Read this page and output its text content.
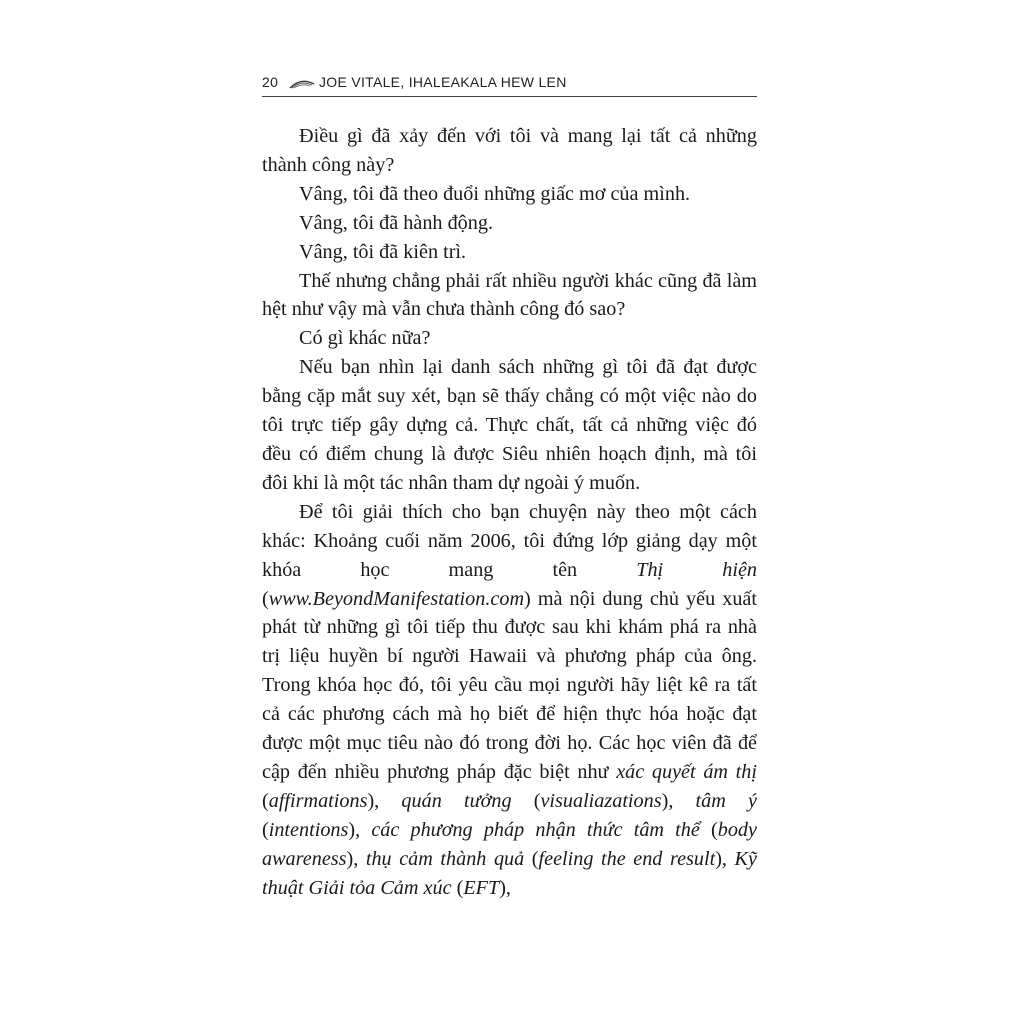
20	JOE VITALE, IHALEAKALA HEW LEN

Điều gì đã xảy đến với tôi và mang lại tất cả những thành công này?

Vâng, tôi đã theo đuổi những giấc mơ của mình.

Vâng, tôi đã hành động.

Vâng, tôi đã kiên trì.

Thế nhưng chẳng phải rất nhiều người khác cũng đã làm hệt như vậy mà vẫn chưa thành công đó sao?

Có gì khác nữa?

Nếu bạn nhìn lại danh sách những gì tôi đã đạt được bằng cặp mắt suy xét, bạn sẽ thấy chẳng có một việc nào do tôi trực tiếp gây dựng cả. Thực chất, tất cả những việc đó đều có điểm chung là được Siêu nhiên hoạch định, mà tôi đôi khi là một tác nhân tham dự ngoài ý muốn.

Để tôi giải thích cho bạn chuyện này theo một cách khác: Khoảng cuối năm 2006, tôi đứng lớp giảng dạy một khóa học mang tên Thị hiện (www.BeyondManifestation.com) mà nội dung chủ yếu xuất phát từ những gì tôi tiếp thu được sau khi khám phá ra nhà trị liệu huyền bí người Hawaii và phương pháp của ông. Trong khóa học đó, tôi yêu cầu mọi người hãy liệt kê ra tất cả các phương cách mà họ biết để hiện thực hóa hoặc đạt được một mục tiêu nào đó trong đời họ. Các học viên đã để cập đến nhiều phương pháp đặc biệt như xác quyết ám thị (affirmations), quán tưởng (visualiazations), tâm ý (intentions), các phương pháp nhận thức tâm thể (body awareness), thụ cảm thành quả (feeling the end result), Kỹ thuật Giải tỏa Cảm xúc (EFT),
